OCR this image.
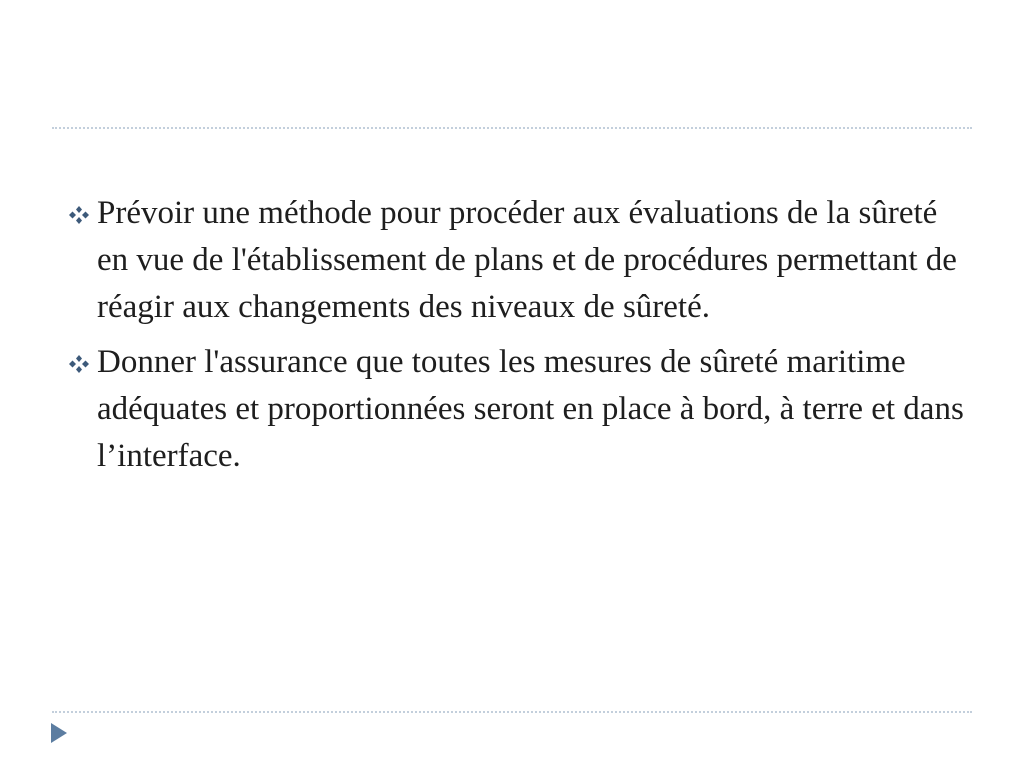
Prévoir une méthode pour procéder aux évaluations de la sûreté en vue de l'établissement de plans et de procédures permettant de réagir aux changements des niveaux de sûreté.
Donner l'assurance que toutes les mesures de sûreté maritime adéquates et proportionnées seront en place à bord, à terre et dans l’interface.
